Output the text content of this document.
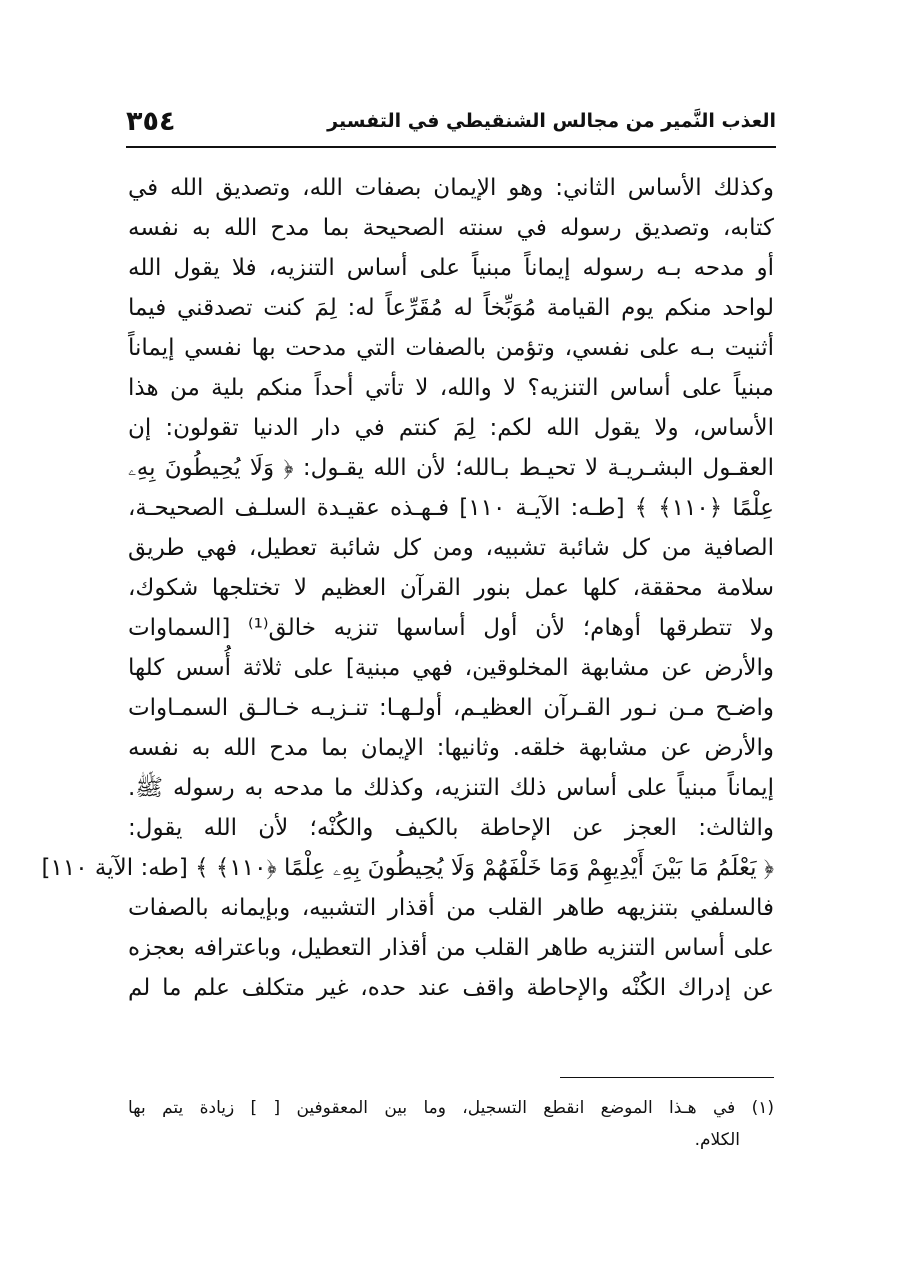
العذب النَّمير من مجالس الشنقيطي في التفسير
٣٥٤
وكذلك الأساس الثاني: وهو الإيمان بصفات الله، وتصديق الله في
كتابه، وتصديق رسوله في سنته الصحيحة بما مدح الله به نفسه
أو مدحه بـه رسوله إيماناً مبنياً على أساس التنزيه، فلا يقول الله
لواحد منكم يوم القيامة مُوَبِّخاً له مُقَرِّعاً له: لِمَ كنت تصدقني فيما
أثنيت بـه على نفسي، وتؤمن بالصفات التي مدحت بها نفسي إيماناً
مبنياً على أساس التنزيه؟ لا والله، لا تأتي أحداً منكم بلية من هذا
الأساس، ولا يقول الله لكم: لِمَ كنتم في دار الدنيا تقولون: إن
العقـول البشـريـة لا تحيـط بـالله؛ لأن الله يقـول: ﴿ وَلَا يُحِيطُونَ بِهِۦ
عِلْمًا ﴿١١٠﴾ ﴾ [طـه: الآيـة ١١٠] فـهـذه عقيـدة السلـف الصحيحـة،
الصافية من كل شائبة تشبيه، ومن كل شائبة تعطيل، فهي طريق
سلامة محققة، كلها عمل بنور القرآن العظيم لا تختلجها شكوك،
ولا تتطرقها أوهام؛ لأن أول أساسها تنزيه خالق⁽¹⁾ [السماوات
والأرض عن مشابهة المخلوقين، فهي مبنية] على ثلاثة أُسس كلها
واضـح مـن نـور القـرآن العظيـم، أولـهـا: تنـزيـه خـالـق السمـاوات
والأرض عن مشابهة خلقه. وثانيها: الإيمان بما مدح الله به نفسه
إيماناً مبنياً على أساس ذلك التنزيه، وكذلك ما مدحه به رسوله ﷺ.
والثالث: العجز عن الإحاطة بالكيف والكُنْه؛ لأن الله يقول:
﴿ يَعْلَمُ مَا بَيْنَ أَيْدِيهِمْ وَمَا خَلْفَهُمْ وَلَا يُحِيطُونَ بِهِۦ عِلْمًا ﴿١١٠﴾ ﴾ [طه: الآية ١١٠]
فالسلفي بتنزيهه طاهر القلب من أقذار التشبيه، وبإيمانه بالصفات
على أساس التنزيه طاهر القلب من أقذار التعطيل، وباعترافه بعجزه
عن إدراك الكُنْه والإحاطة واقف عند حده، غير متكلف علم ما لم
(١) في هـذا الموضع انقطع التسجيل، وما بين المعقوفين [ ] زيادة يتم بها
الكلام.
